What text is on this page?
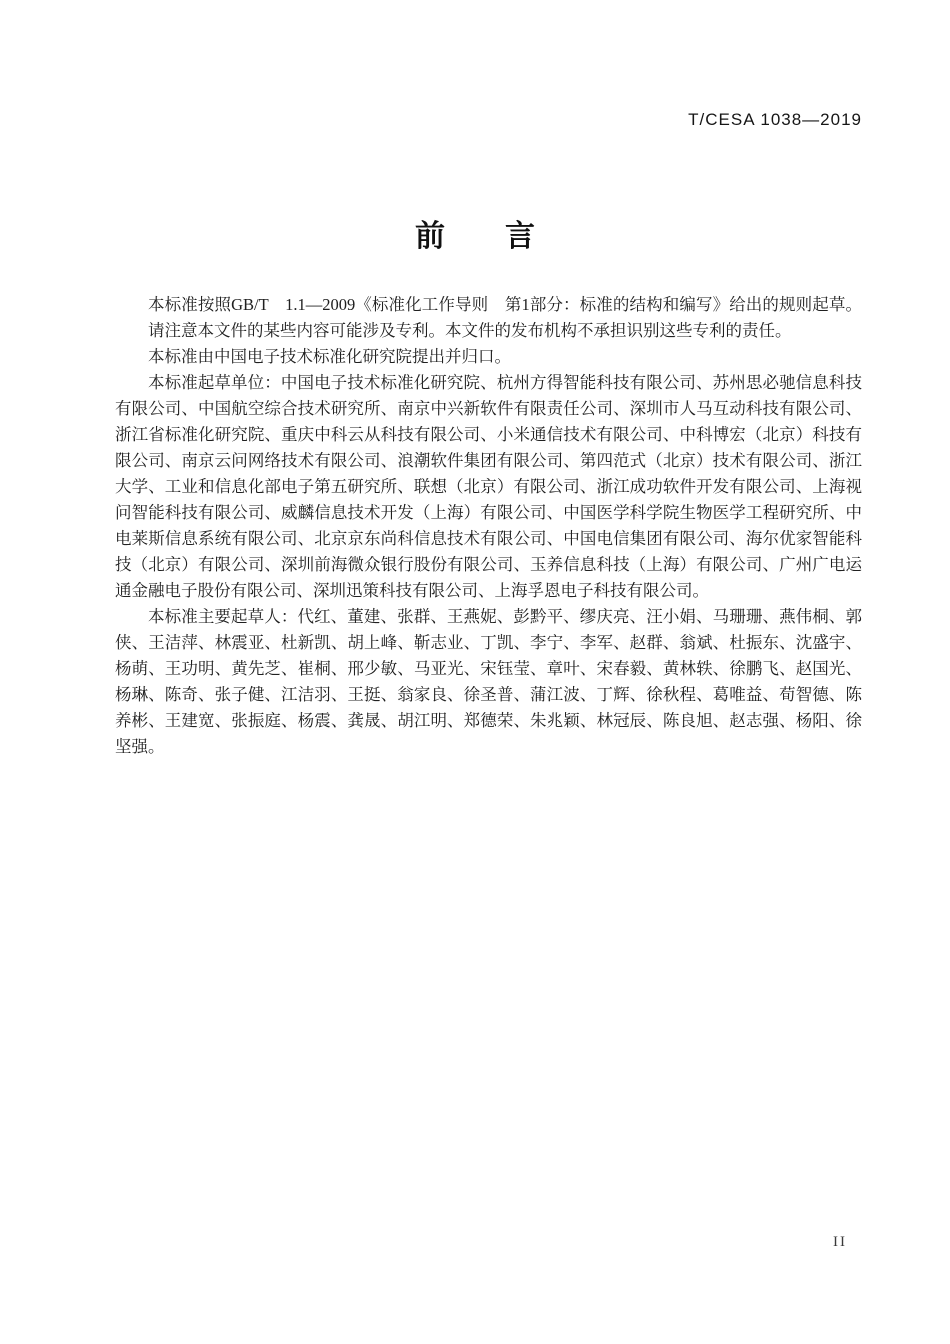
T/CESA 1038—2019
前　　言
本标准按照GB/T　1.1—2009《标准化工作导则　第1部分：标准的结构和编写》给出的规则起草。
请注意本文件的某些内容可能涉及专利。本文件的发布机构不承担识别这些专利的责任。
本标准由中国电子技术标准化研究院提出并归口。
本标准起草单位：中国电子技术标准化研究院、杭州方得智能科技有限公司、苏州思必驰信息科技
有限公司、中国航空综合技术研究所、南京中兴新软件有限责任公司、深圳市人马互动科技有限公司、
浙江省标准化研究院、重庆中科云从科技有限公司、小米通信技术有限公司、中科博宏（北京）科技有
限公司、南京云问网络技术有限公司、浪潮软件集团有限公司、第四范式（北京）技术有限公司、浙江
大学、工业和信息化部电子第五研究所、联想（北京）有限公司、浙江成功软件开发有限公司、上海视
问智能科技有限公司、威麟信息技术开发（上海）有限公司、中国医学科学院生物医学工程研究所、中
电莱斯信息系统有限公司、北京京东尚科信息技术有限公司、中国电信集团有限公司、海尔优家智能科
技（北京）有限公司、深圳前海微众银行股份有限公司、玉养信息科技（上海）有限公司、广州广电运
通金融电子股份有限公司、深圳迅策科技有限公司、上海孚恩电子科技有限公司。
本标准主要起草人：代红、董建、张群、王燕妮、彭黔平、缪庆亮、汪小娟、马珊珊、燕伟桐、郭
侠、王洁萍、林震亚、杜新凯、胡上峰、靳志业、丁凯、李宁、李军、赵群、翁斌、杜振东、沈盛宇、
杨萌、王功明、黄先芝、崔桐、邢少敏、马亚光、宋钰莹、章叶、宋春毅、黄林轶、徐鹏飞、赵国光、
杨琳、陈奇、张子健、江洁羽、王挺、翁家良、徐圣普、蒲江波、丁辉、徐秋程、葛唯益、荀智德、陈
养彬、王建宽、张振庭、杨震、龚晟、胡江明、郑德荣、朱兆颖、林冠辰、陈良旭、赵志强、杨阳、徐
坚强。
II
